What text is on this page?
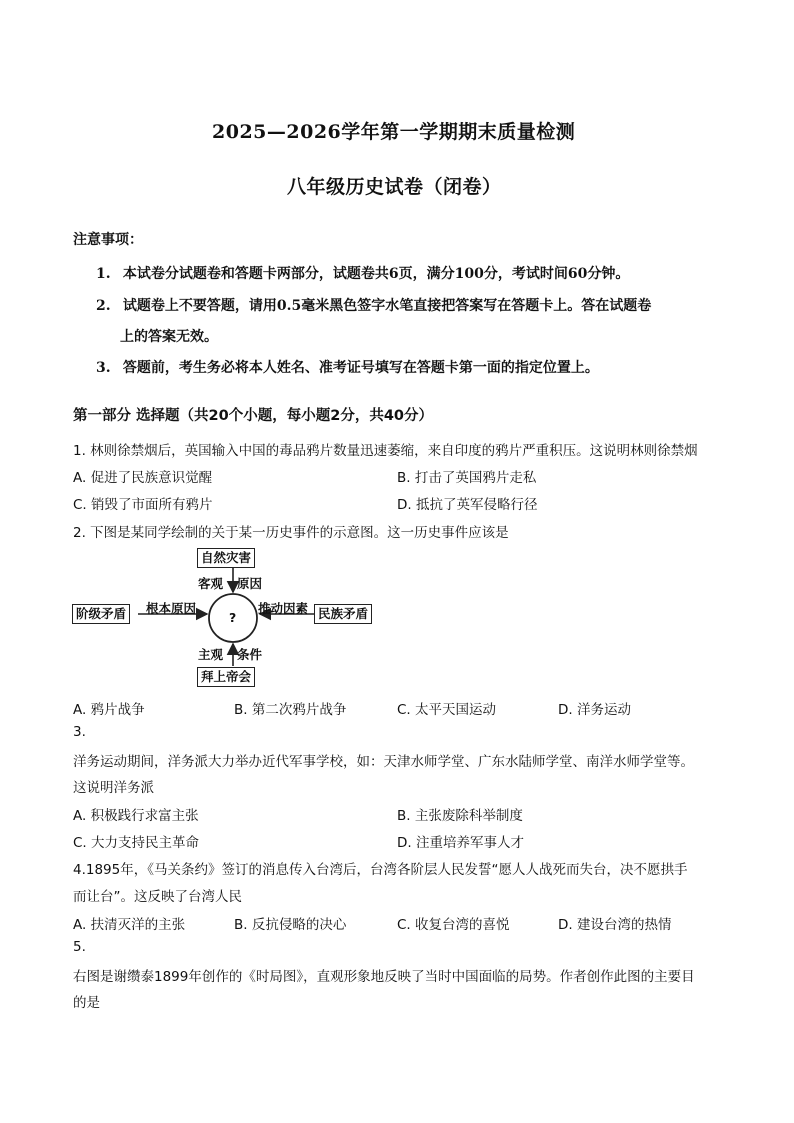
2025—2026学年第一学期期末质量检测
八年级历史试卷（闭卷）
注意事项：
1. 本试卷分试题卷和答题卡两部分，试题卷共6页，满分100分，考试时间60分钟。
2. 试题卷上不要答题，请用0.5毫米黑色签字水笔直接把答案写在答题卡上。答在试题卷
上的答案无效。
3. 答题前，考生务必将本人姓名、准考证号填写在答题卡第一面的指定位置上。
第一部分 选择题（共20个小题，每小题2分，共40分）
1. 林则徐禁烟后，英国输入中国的毒品鸦片数量迅速萎缩，来自印度的鸦片严重积压。这说明林则徐禁烟
A. 促进了民族意识觉醒	B. 打击了英国鸦片走私
C. 销毁了市面所有鸦片	D. 抵抗了英军侵略行径
2. 下图是某同学绘制的关于某一历史事件的示意图。这一历史事件应该是
自然灾害
客观 原因
阶级矛盾	根本原因
?
推动因素 民族矛盾
主观 条件
拜上帝会
A. 鸦片战争	B. 第二次鸦片战争	C. 太平天国运动	D. 洋务运动
3.
洋务运动期间，洋务派大力举办近代军事学校，如：天津水师学堂、广东水陆师学堂、南洋水师学堂等。
这说明洋务派
A. 积极践行求富主张	B. 主张废除科举制度
C. 大力支持民主革命	D. 注重培养军事人才
4.1895年，《马关条约》签订的消息传入台湾后，台湾各阶层人民发誓“愿人人战死而失台，决不愿拱手
而让台”。这反映了台湾人民
A. 扶清灭洋的主张	B. 反抗侵略的决心	C. 收复台湾的喜悦	D. 建设台湾的热情
5.
右图是谢缵泰1899年创作的《时局图》，直观形象地反映了当时中国面临的局势。作者创作此图的主要目
的是
